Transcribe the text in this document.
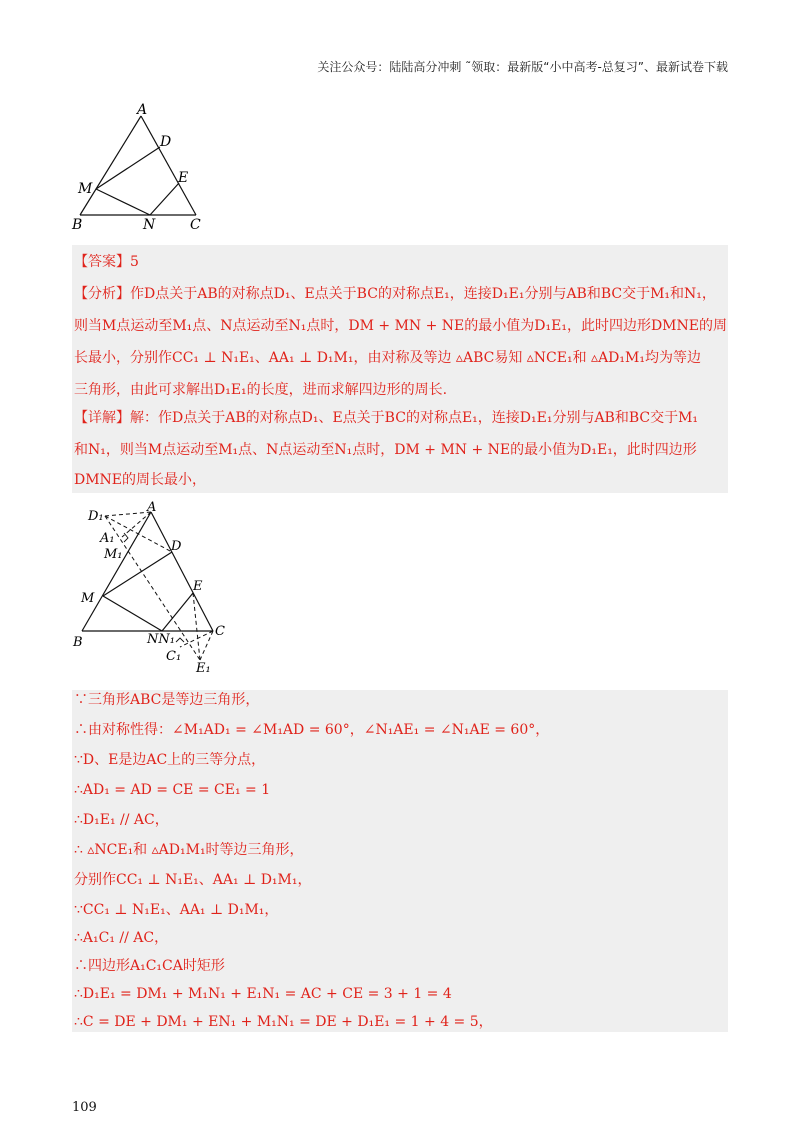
关注公众号：陆陆高分冲刺 ˜领取：最新版“小中高考-总复习”、最新试卷下载
A
D
M
E
B	N C
【答案】5
【分析】作D点关于AB的对称点D₁、E点关于BC的对称点E₁，连接D₁E₁分别与AB和BC交于M₁和N₁，
则当M点运动至M₁点、N点运动至N₁点时，DM + MN + NE的最小值为D₁E₁，此时四边形DMNE的周
长最小，分别作CC₁ ⊥ N₁E₁、AA₁ ⊥ D₁M₁，由对称及等边 ▵ABC易知 ▵NCE₁和 ▵AD₁M₁均为等边
三角形，由此可求解出D₁E₁的长度，进而求解四边形的周长.
【详解】解：作D点关于AB的对称点D₁、E点关于BC的对称点E₁，连接D₁E₁分别与AB和BC交于M₁
和N₁，则当M点运动至M₁点、N点运动至N₁点时，DM + MN + NE的最小值为D₁E₁，此时四边形
DMNE的周长最小，
D₁
A
A₁
M₁
D
E
M
B	NN₁
C
C₁
E₁
∵三角形ABC是等边三角形，
∴由对称性得：∠M₁AD₁ = ∠M₁AD = 60°，∠N₁AE₁ = ∠N₁AE = 60°，
∵D、E是边AC上的三等分点，
∴AD₁ = AD = CE = CE₁ = 1
∴D₁E₁ // AC，
∴ ▵NCE₁和 ▵AD₁M₁时等边三角形，
分别作CC₁ ⊥ N₁E₁、AA₁ ⊥ D₁M₁，
∵CC₁ ⊥ N₁E₁、AA₁ ⊥ D₁M₁，
∴A₁C₁ // AC，
∴四边形A₁C₁CA时矩形
∴D₁E₁ = DM₁ + M₁N₁ + E₁N₁ = AC + CE = 3 + 1 = 4
∴C = DE + DM₁ + EN₁ + M₁N₁ = DE + D₁E₁ = 1 + 4 = 5，
109
